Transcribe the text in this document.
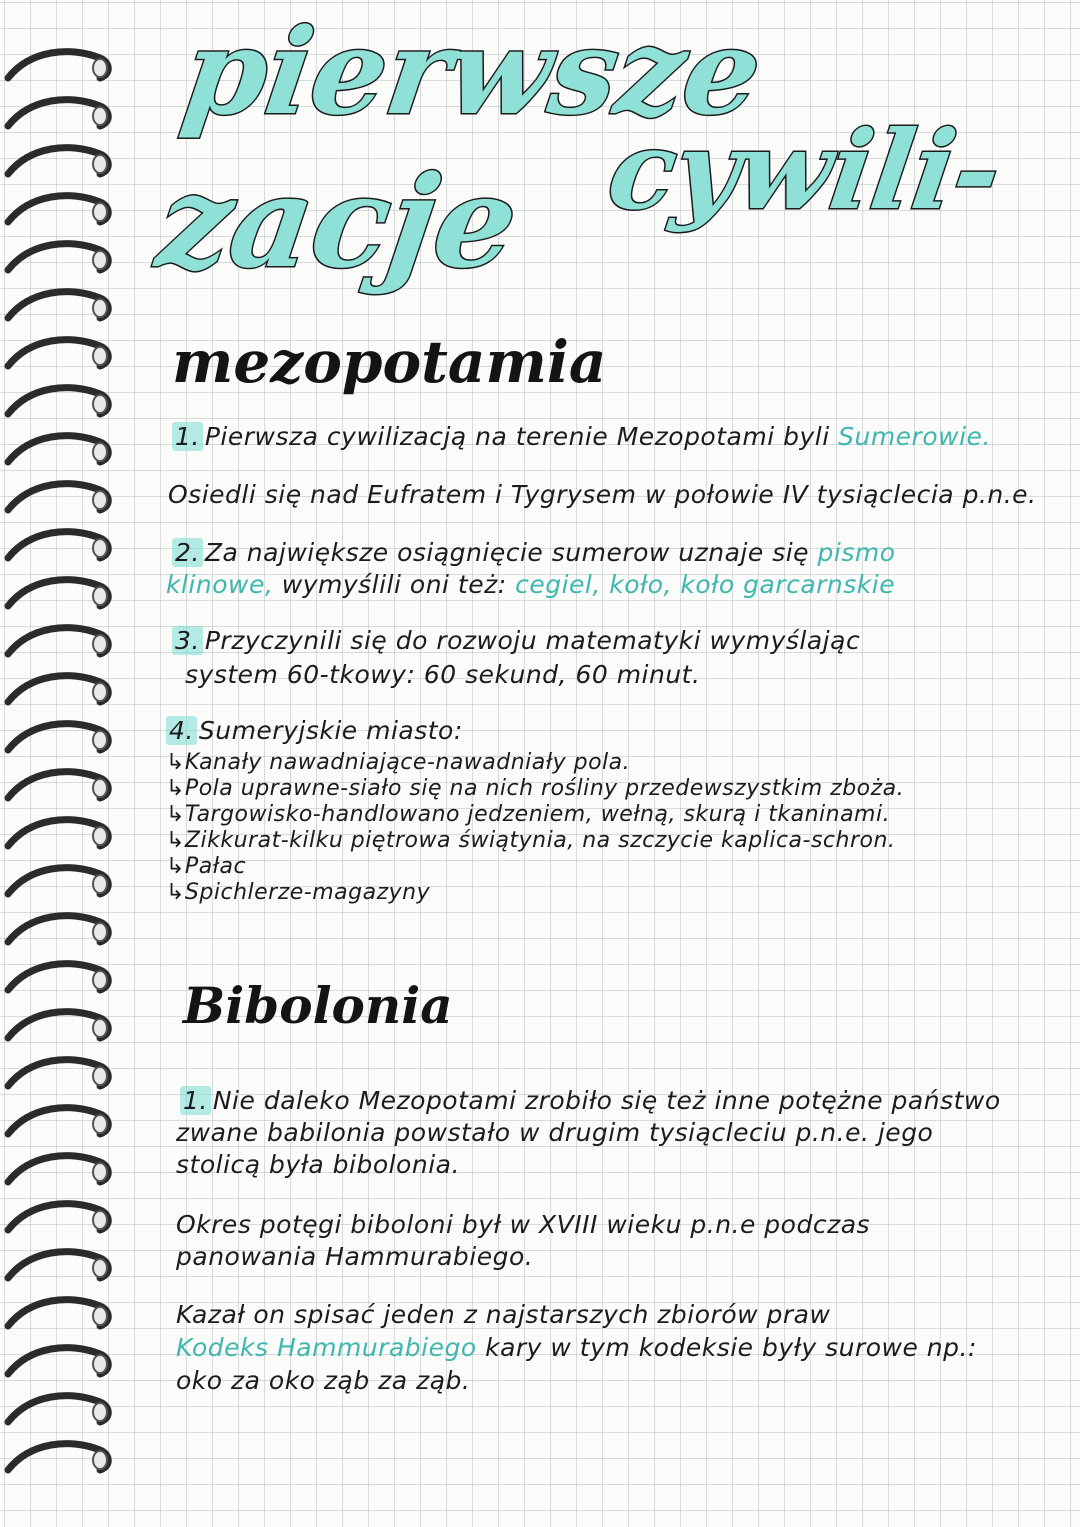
pierwsze
cywili-
zacje
mezopotamia
1. Pierwsza cywilizacją na terenie Mezopotami byli Sumerowie.
Osiedli się nad Eufratem i Tygrysem w połowie IV tysiąclecia p.n.e.
2. Za największe osiągnięcie sumerow uznaje się pismo
klinowe, wymyślili oni też: cegiel, koło, koło garcarnskie
3. Przyczynili się do rozwoju matematyki wymyślając
system 60-tkowy: 60 sekund, 60 minut.
4. Sumeryjskie miasto:
↳Kanały nawadniające-nawadniały pola.
↳Pola uprawne-siało się na nich rośliny przedewszystkim zboża.
↳Targowisko-handlowano jedzeniem, wełną, skurą i tkaninami.
↳Zikkurat-kilku piętrowa świątynia, na szczycie kaplica-schron.
↳Pałac
↳Spichlerze-magazyny
Bibolonia
1. Nie daleko Mezopotami zrobiło się też inne potężne państwo
zwane babilonia powstało w drugim tysiącleciu p.n.e. jego
stolicą była bibolonia.
Okres potęgi biboloni był w XVIII wieku p.n.e podczas
panowania Hammurabiego.
Kazał on spisać jeden z najstarszych zbiorów praw
Kodeks Hammurabiego kary w tym kodeksie były surowe np.:
oko za oko ząb za ząb.
